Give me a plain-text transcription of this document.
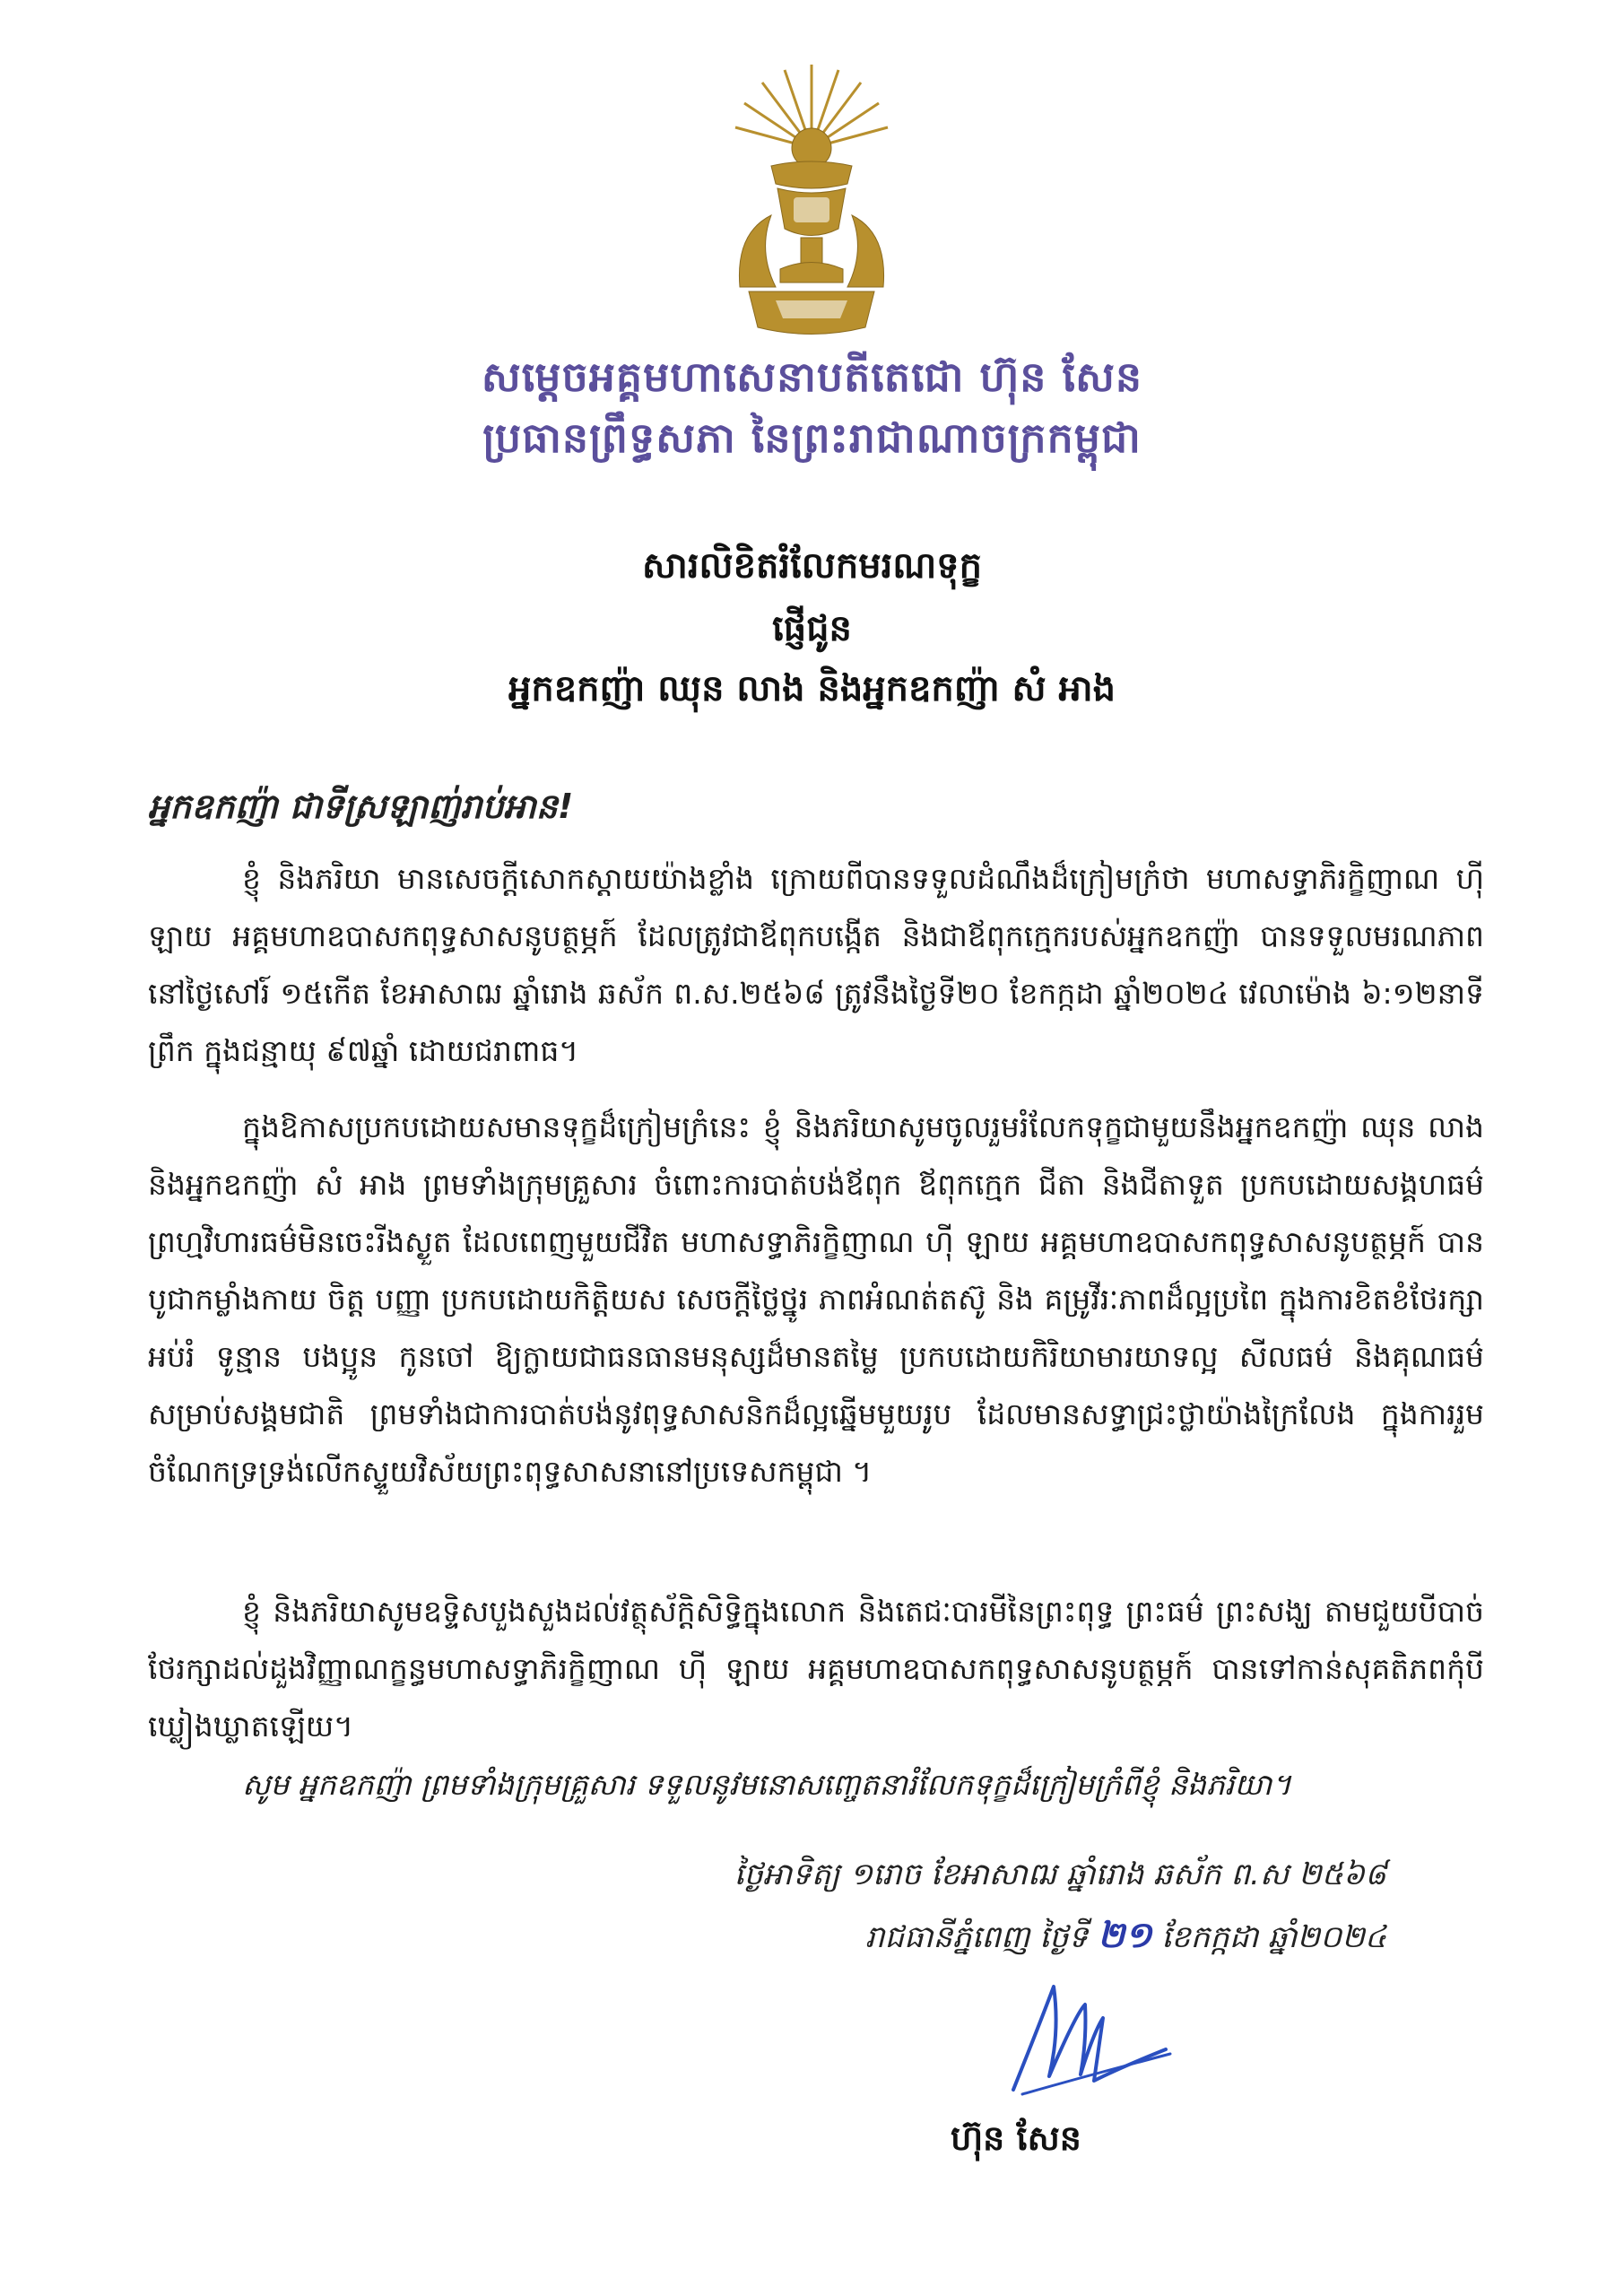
សម្ដេចអគ្គមហាសេនាបតីតេជោ ហ៊ុន សែន
ប្រធានព្រឹទ្ធសភា នៃព្រះរាជាណាចក្រកម្ពុជា
សារលិខិតរំលែកមរណទុក្ខ
ផ្ញើជូន
អ្នកឧកញ៉ា ឈុន លាង និងអ្នកឧកញ៉ា សំ អាង
អ្នកឧកញ៉ា ជាទីស្រឡាញ់រាប់អាន!
ខ្ញុំ និងភរិយា មានសេចក្តីសោកស្តាយយ៉ាងខ្លាំង ក្រោយពីបានទទួលដំណឹងដ៏ក្រៀមក្រំថា មហាសទ្ធាភិរក្ខិញាណ ហ៊ី ឡាយ អគ្គមហាឧបាសកពុទ្ធសាសនូបត្ថម្ភក៍ ដែលត្រូវជាឪពុកបង្កើត និងជាឪពុកក្មេករបស់អ្នកឧកញ៉ា បានទទួលមរណភាព នៅថ្ងៃសៅរ៍ ១៥កើត ខែអាសាឍ ឆ្នាំរោង ឆស័ក ព.ស.២៥៦៨ ត្រូវនឹងថ្ងៃទី២០ ខែកក្កដា ឆ្នាំ២០២៤ វេលាម៉ោង ៦:១២នាទីព្រឹក ក្នុងជន្មាយុ ៩៧ឆ្នាំ ដោយជរាពាធ។
ក្នុងឱកាសប្រកបដោយសមានទុក្ខដ៏ក្រៀមក្រំនេះ ខ្ញុំ និងភរិយាសូមចូលរួមរំលែកទុក្ខជាមួយនឹងអ្នកឧកញ៉ា ឈុន លាង និងអ្នកឧកញ៉ា សំ អាង ព្រមទាំងក្រុមគ្រួសារ ចំពោះការបាត់បង់ឪពុក ឪពុកក្មេក ជីតា និងជីតាទួត ប្រកបដោយសង្គហធម៌ ព្រហ្មវិហារធម៌មិនចេះរីងស្ងួត ដែលពេញមួយជីវិត មហាសទ្ធាភិរក្ខិញាណ ហ៊ី ឡាយ អគ្គមហាឧបាសកពុទ្ធសាសនូបត្ថម្ភក៍ បានបូជាកម្លាំងកាយ ចិត្ត បញ្ញា ប្រកបដោយកិត្តិយស សេចក្តីថ្លៃថ្នូរ ភាពអំណត់តស៊ូ និង គម្រូវីរៈភាពដ៏ល្អប្រពៃ ក្នុងការខិតខំថែរក្សា អប់រំ ទូន្មាន បងប្អូន កូនចៅ ឱ្យក្លាយជាធនធានមនុស្សដ៏មានតម្លៃ ប្រកបដោយកិរិយាមារយាទល្អ សីលធម៌ និងគុណធម៌ សម្រាប់សង្គមជាតិ ព្រមទាំងជាការបាត់បង់នូវពុទ្ធសាសនិកដ៏ល្អឆ្នើមមួយរូប ដែលមានសទ្ធាជ្រះថ្លាយ៉ាងក្រៃលែង ក្នុងការរួមចំណែកទ្រទ្រង់លើកស្ទួយវិស័យព្រះពុទ្ធសាសនានៅប្រទេសកម្ពុជា ។
ខ្ញុំ និងភរិយាសូមឧទ្ទិសបួងសួងដល់វត្ថុស័ក្តិសិទ្ធិក្នុងលោក និងតេជៈបារមីនៃព្រះពុទ្ធ ព្រះធម៌ ព្រះសង្ឃ តាមជួយបីបាច់ថែរក្សាដល់ដួងវិញ្ញាណក្ខន្ធមហាសទ្ធាភិរក្ខិញាណ ហ៊ី ឡាយ អគ្គមហាឧបាសកពុទ្ធសាសនូបត្ថម្ភក៍ បានទៅកាន់សុគតិភពកុំបីឃ្លៀងឃ្លាតឡើយ។
សូម អ្នកឧកញ៉ា ព្រមទាំងក្រុមគ្រួសារ ទទួលនូវមនោសញ្ចេតនារំលែកទុក្ខដ៏ក្រៀមក្រំពីខ្ញុំ និងភរិយា។
ថ្ងៃអាទិត្យ ១រោច ខែអាសាឍ ឆ្នាំរោង ឆស័ក ព.ស ២៥៦៨
រាជធានីភ្នំពេញ ថ្ងៃទី ២១ ខែកក្កដា ឆ្នាំ២០២៤
ហ៊ុន សែន
